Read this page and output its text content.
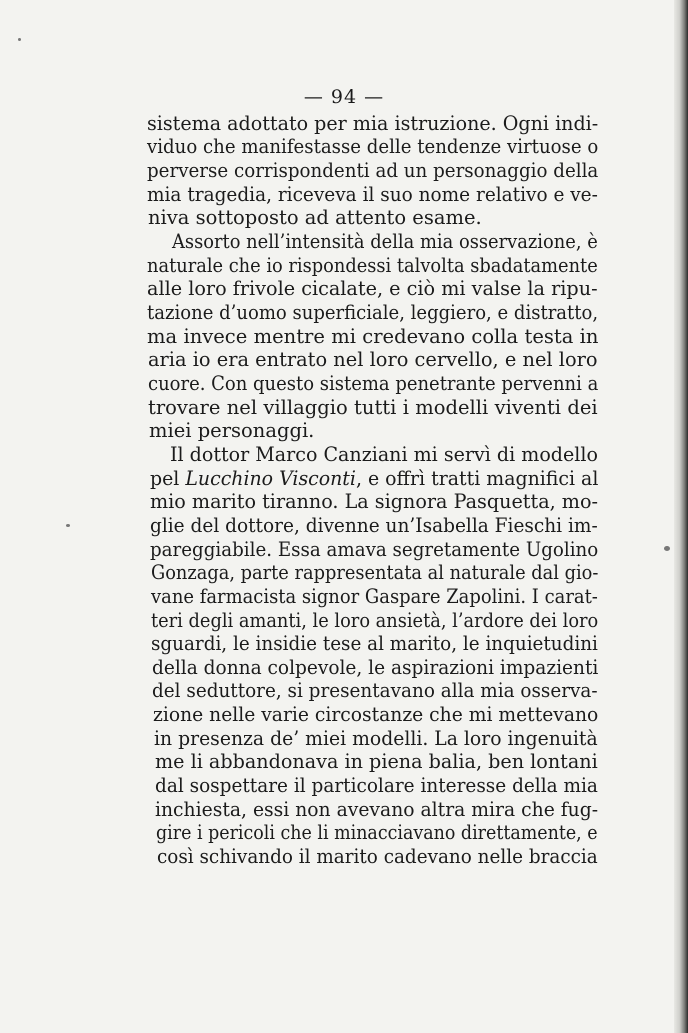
— 94 —
sistema adottato per mia istruzione. Ogni indi-
viduo che manifestasse delle tendenze virtuose o
perverse corrispondenti ad un personaggio della
mia tragedia, riceveva il suo nome relativo e ve-
niva sottoposto ad attento esame.
Assorto nell’intensità della mia osservazione, è
naturale che io rispondessi talvolta sbadatamente
alle loro frivole cicalate, e ciò mi valse la ripu-
tazione d’uomo superficiale, leggiero, e distratto,
ma invece mentre mi credevano colla testa in
aria io era entrato nel loro cervello, e nel loro
cuore. Con questo sistema penetrante pervenni a
trovare nel villaggio tutti i modelli viventi dei
miei personaggi.
Il dottor Marco Canziani mi servì di modello
pel Lucchino Visconti, e offrì tratti magnifici al
mio marito tiranno. La signora Pasquetta, mo-
glie del dottore, divenne un’Isabella Fieschi im-
pareggiabile. Essa amava segretamente Ugolino
Gonzaga, parte rappresentata al naturale dal gio-
vane farmacista signor Gaspare Zapolini. I carat-
teri degli amanti, le loro ansietà, l’ardore dei loro
sguardi, le insidie tese al marito, le inquietudini
della donna colpevole, le aspirazioni impazienti
del seduttore, si presentavano alla mia osserva-
zione nelle varie circostanze che mi mettevano
in presenza de’ miei modelli. La loro ingenuità
me li abbandonava in piena balia, ben lontani
dal sospettare il particolare interesse della mia
inchiesta, essi non avevano altra mira che fug-
gire i pericoli che li minacciavano direttamente, e
così schivando il marito cadevano nelle braccia
